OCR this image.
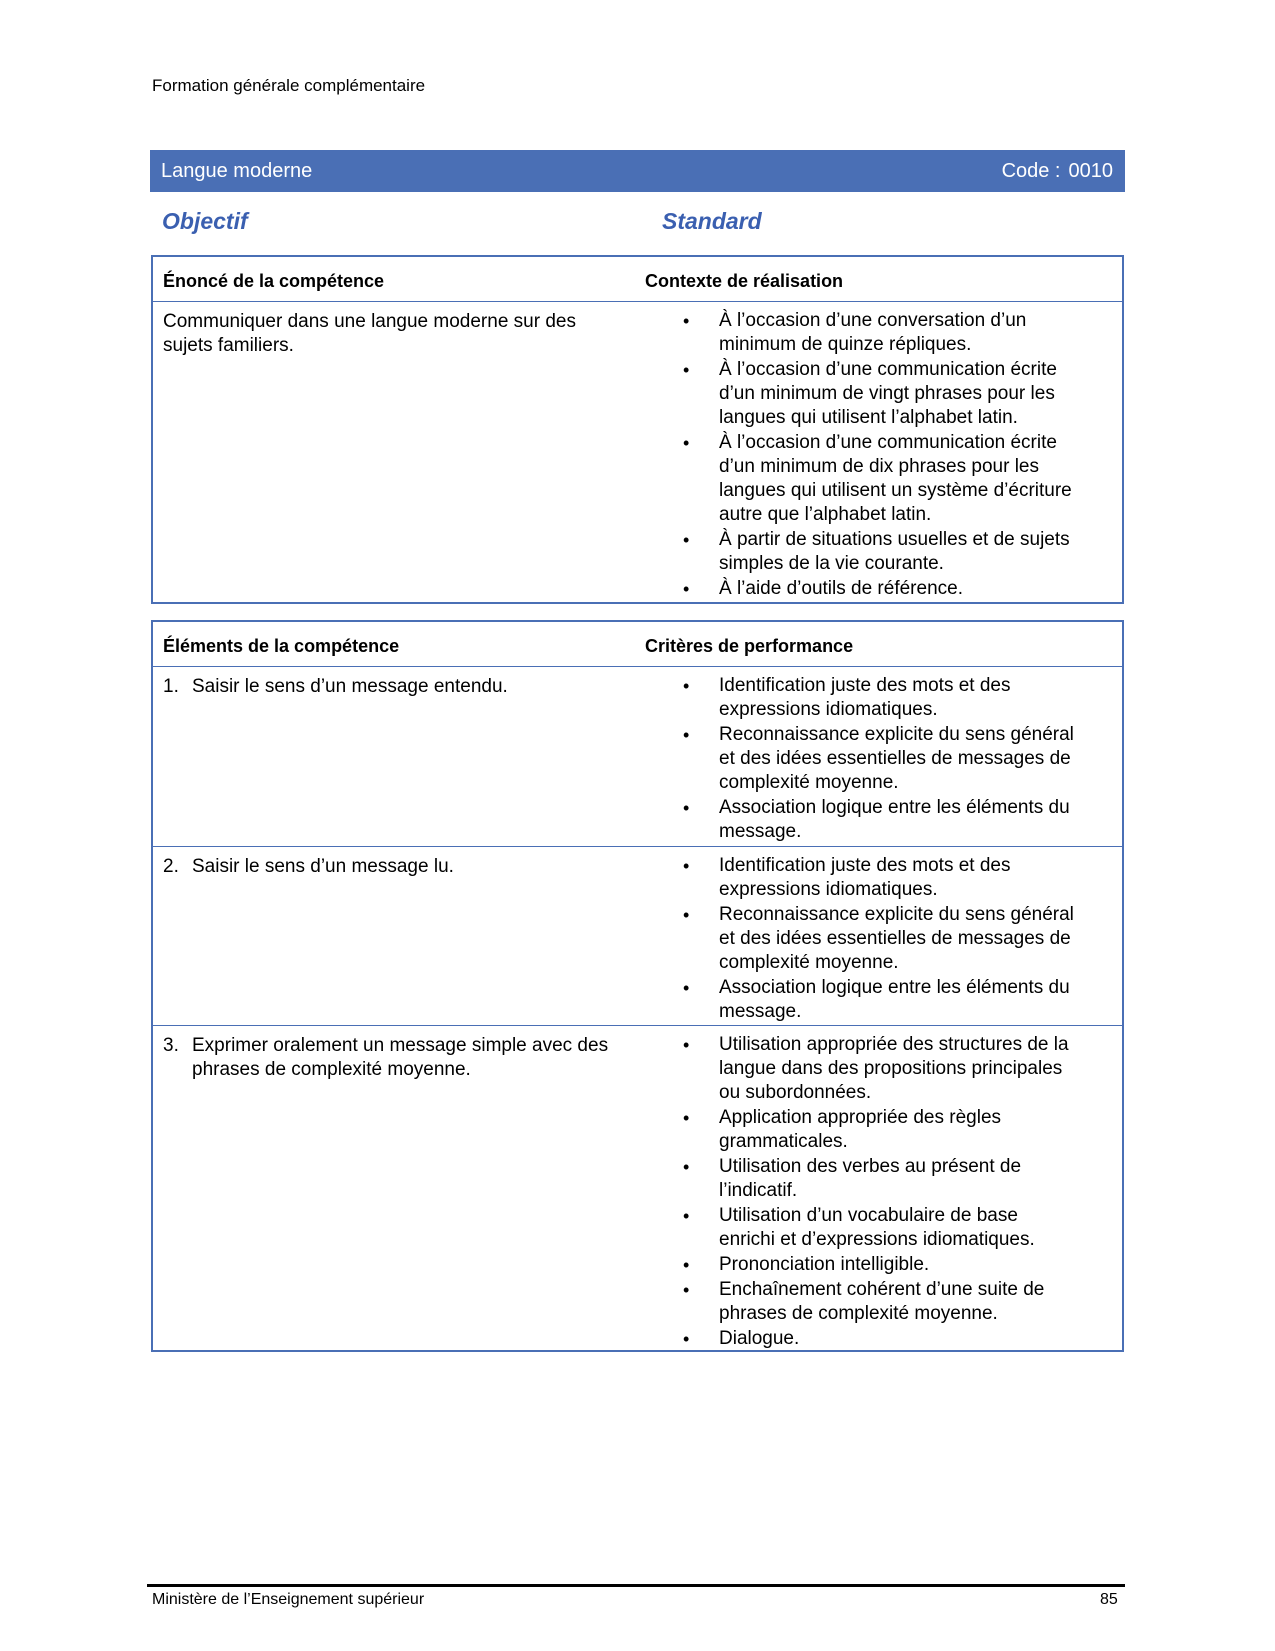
Formation générale complémentaire
Langue moderne	Code : 0010
Objectif	Standard
Énoncé de la compétence	Contexte de réalisation
Communiquer dans une langue moderne sur des sujets familiers.
• À l’occasion d’une conversation d’un minimum de quinze répliques.
• À l’occasion d’une communication écrite d’un minimum de vingt phrases pour les langues qui utilisent l’alphabet latin.
• À l’occasion d’une communication écrite d’un minimum de dix phrases pour les langues qui utilisent un système d’écriture autre que l’alphabet latin.
• À partir de situations usuelles et de sujets simples de la vie courante.
• À l’aide d’outils de référence.
Éléments de la compétence	Critères de performance
1. Saisir le sens d’un message entendu.	• Identification juste des mots et des expressions idiomatiques.
• Reconnaissance explicite du sens général et des idées essentielles de messages de complexité moyenne.
• Association logique entre les éléments du message.
2. Saisir le sens d’un message lu.	• Identification juste des mots et des expressions idiomatiques.
• Reconnaissance explicite du sens général et des idées essentielles de messages de complexité moyenne.
• Association logique entre les éléments du message.
3. Exprimer oralement un message simple avec des phrases de complexité moyenne.
• Utilisation appropriée des structures de la langue dans des propositions principales ou subordonnées.
• Application appropriée des règles grammaticales.
• Utilisation des verbes au présent de l’indicatif.
• Utilisation d’un vocabulaire de base enrichi et d’expressions idiomatiques.
• Prononciation intelligible.
• Enchaînement cohérent d’une suite de phrases de complexité moyenne.
• Dialogue.
Ministère de l’Enseignement supérieur	85
